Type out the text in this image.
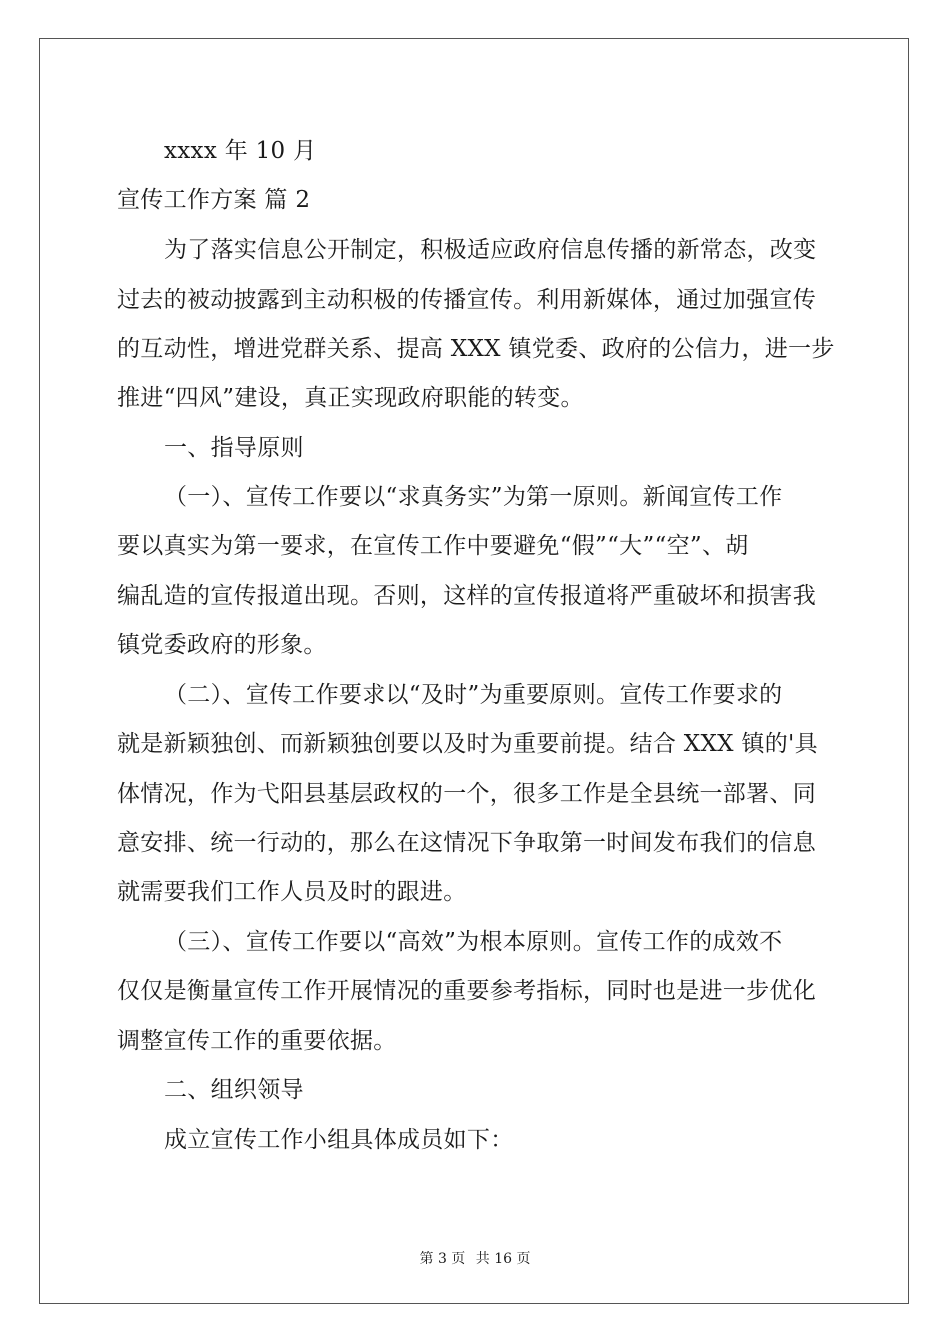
xxxx 年 10 月
宣传工作方案 篇 2
为了落实信息公开制定，积极适应政府信息传播的新常态，改变
过去的被动披露到主动积极的传播宣传。利用新媒体，通过加强宣传
的互动性，增进党群关系、提高 XXX 镇党委、政府的公信力，进一步
推进“四风”建设，真正实现政府职能的转变。
一、指导原则
（一）、宣传工作要以“求真务实”为第一原则。新闻宣传工作
要以真实为第一要求，在宣传工作中要避免“假”“大”“空”、胡
编乱造的宣传报道出现。否则，这样的宣传报道将严重破坏和损害我
镇党委政府的形象。
（二）、宣传工作要求以“及时”为重要原则。宣传工作要求的
就是新颖独创、而新颖独创要以及时为重要前提。结合 XXX 镇的'具
体情况，作为弋阳县基层政权的一个，很多工作是全县统一部署、同
意安排、统一行动的，那么在这情况下争取第一时间发布我们的信息
就需要我们工作人员及时的跟进。
（三）、宣传工作要以“高效”为根本原则。宣传工作的成效不
仅仅是衡量宣传工作开展情况的重要参考指标，同时也是进一步优化
调整宣传工作的重要依据。
二、组织领导
成立宣传工作小组具体成员如下：
第 3 页 共 16 页
